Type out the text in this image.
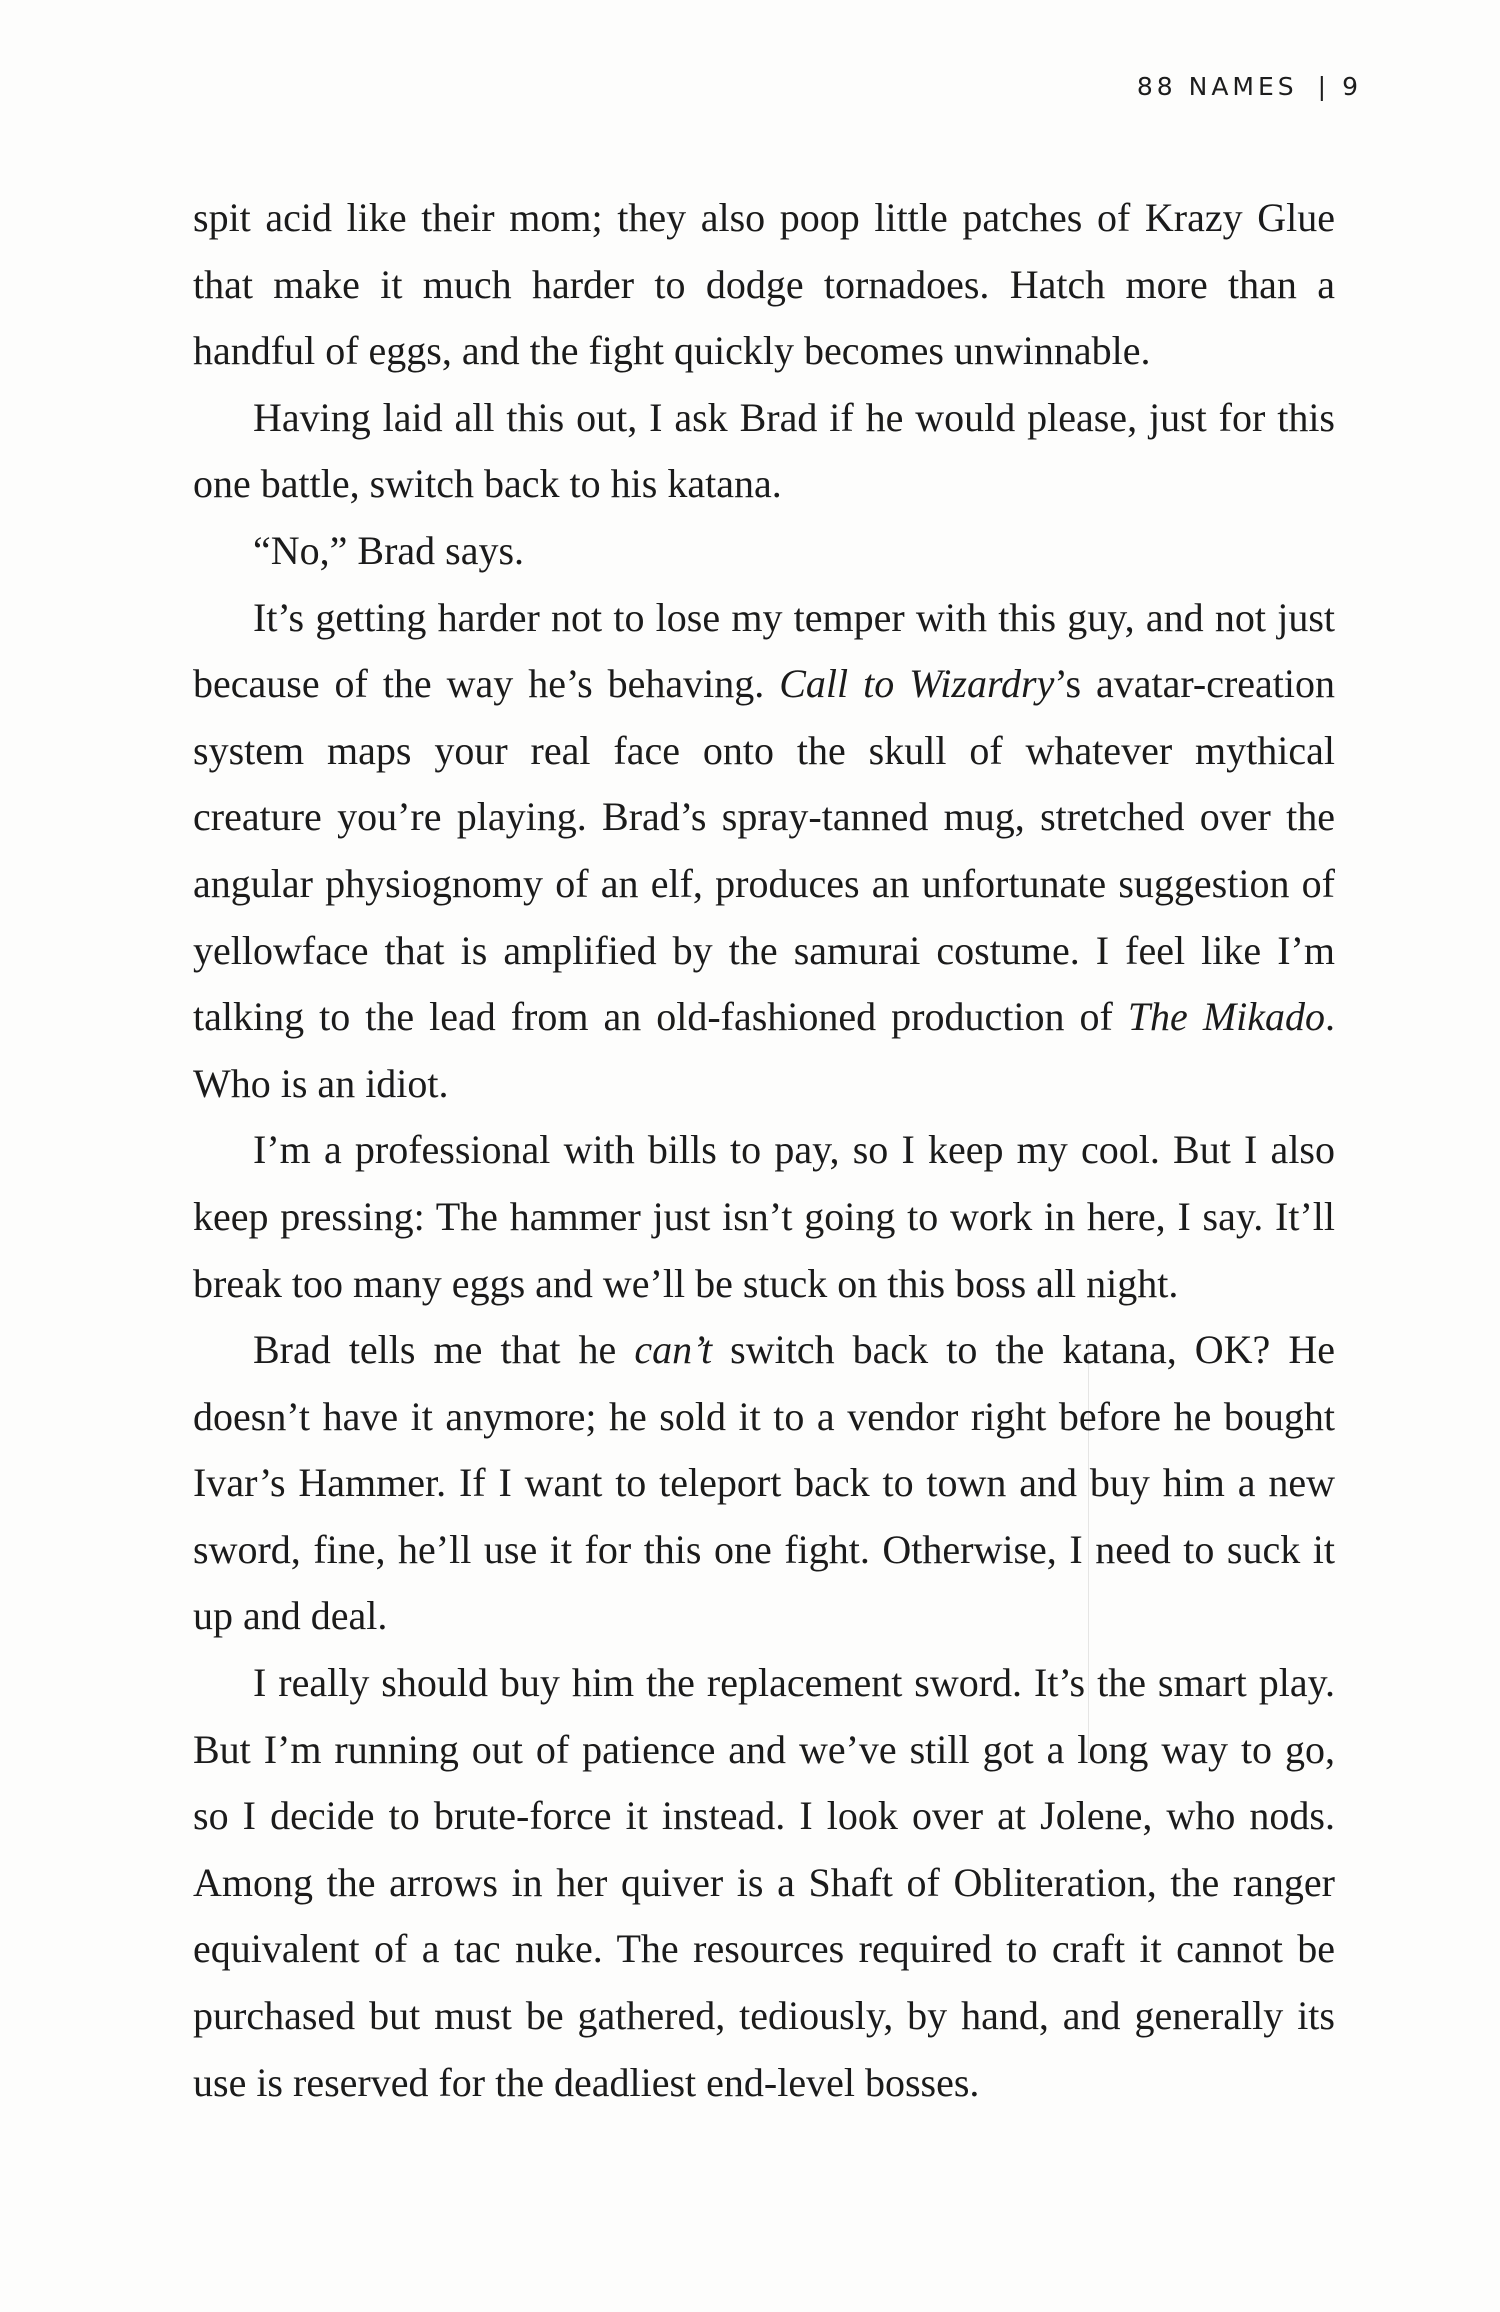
88 NAMES | 9

spit acid like their mom; they also poop little patches of Krazy Glue that make it much harder to dodge tornadoes. Hatch more than a handful of eggs, and the fight quickly becomes unwinnable.

Having laid all this out, I ask Brad if he would please, just for this one battle, switch back to his katana.

“No,” Brad says.

It’s getting harder not to lose my temper with this guy, and not just because of the way he’s behaving. Call to Wizardry’s avatar-creation system maps your real face onto the skull of whatever mythical creature you’re playing. Brad’s spray-tanned mug, stretched over the angular physiognomy of an elf, produces an unfortunate suggestion of yellowface that is amplified by the samurai costume. I feel like I’m talking to the lead from an old-fashioned production of The Mikado. Who is an idiot.

I’m a professional with bills to pay, so I keep my cool. But I also keep pressing: The hammer just isn’t going to work in here, I say. It’ll break too many eggs and we’ll be stuck on this boss all night.

Brad tells me that he can’t switch back to the katana, OK? He doesn’t have it anymore; he sold it to a vendor right before he bought Ivar’s Hammer. If I want to teleport back to town and buy him a new sword, fine, he’ll use it for this one fight. Otherwise, I need to suck it up and deal.

I really should buy him the replacement sword. It’s the smart play. But I’m running out of patience and we’ve still got a long way to go, so I decide to brute-force it instead. I look over at Jolene, who nods. Among the arrows in her quiver is a Shaft of Obliteration, the ranger equivalent of a tac nuke. The resources required to craft it cannot be purchased but must be gathered, tediously, by hand, and generally its use is reserved for the deadliest end-level bosses.
